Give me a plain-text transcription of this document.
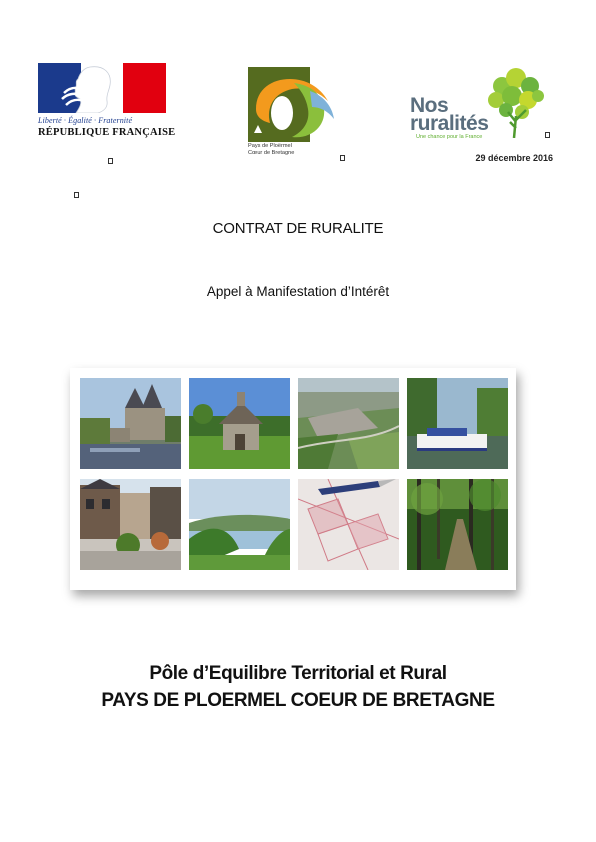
Liberté · Égalité · Fraternité
RÉPUBLIQUE FRANÇAISE
Pays de Ploërmel
Cœur de Bretagne
Nos
ruralités
Une chance pour la France
29 décembre 2016
CONTRAT DE RURALITE
Appel à Manifestation d’Intérêt
Pôle d’Equilibre Territorial et Rural
PAYS DE PLOERMEL COEUR DE BRETAGNE
